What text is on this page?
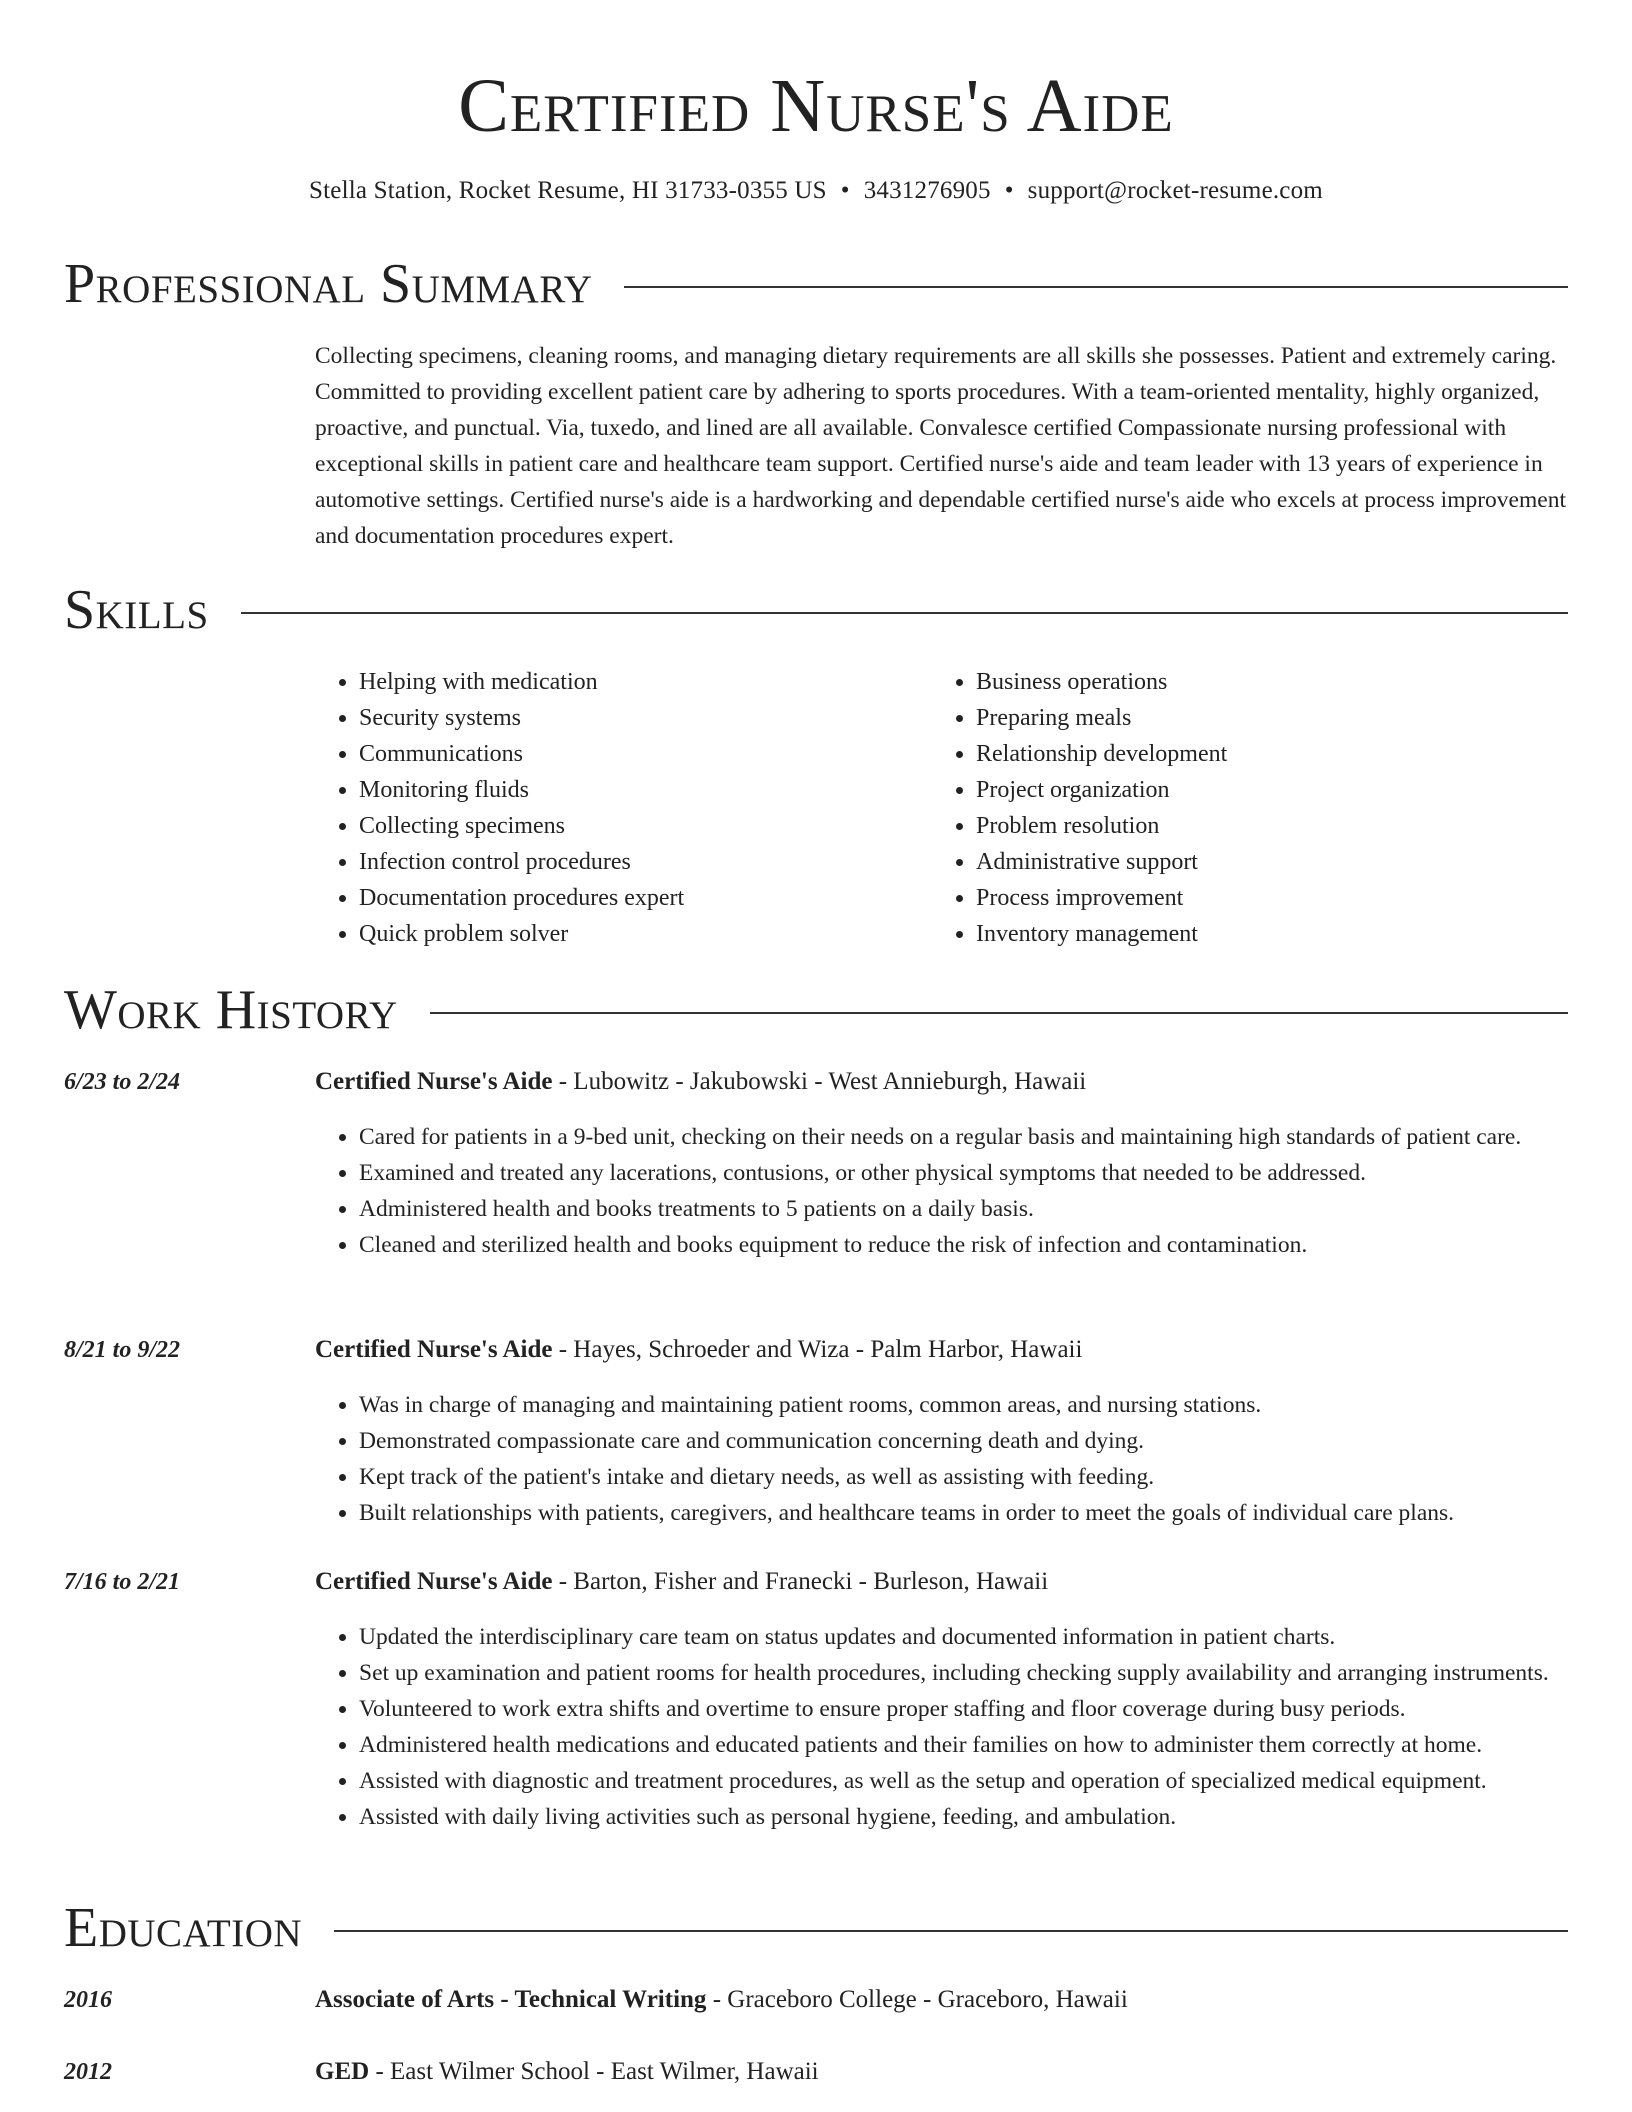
Certified Nurse's Aide
Stella Station, Rocket Resume, HI 31733-0355 US • 3431276905 • support@rocket-resume.com
Professional Summary

Collecting specimens, cleaning rooms, and managing dietary requirements are all skills she possesses. Patient and extremely caring. Committed to providing excellent patient care by adhering to sports procedures. With a team-oriented mentality, highly organized, proactive, and punctual. Via, tuxedo, and lined are all available. Convalesce certified Compassionate nursing professional with exceptional skills in patient care and healthcare team support. Certified nurse's aide and team leader with 13 years of experience in automotive settings. Certified nurse's aide is a hardworking and dependable certified nurse's aide who excels at process improvement and documentation procedures expert.

Skills
• Helping with medication
• Security systems
• Communications
• Monitoring fluids
• Collecting specimens
• Infection control procedures
• Documentation procedures expert
• Quick problem solver
• Business operations
• Preparing meals
• Relationship development
• Project organization
• Problem resolution
• Administrative support
• Process improvement
• Inventory management
Work History
6/23 to 2/24	Certified Nurse's Aide - Lubowitz - Jakubowski - West Annieburgh, Hawaii
• Cared for patients in a 9-bed unit, checking on their needs on a regular basis and maintaining high standards of patient care.
• Examined and treated any lacerations, contusions, or other physical symptoms that needed to be addressed.
• Administered health and books treatments to 5 patients on a daily basis.
• Cleaned and sterilized health and books equipment to reduce the risk of infection and contamination.
8/21 to 9/22	Certified Nurse's Aide - Hayes, Schroeder and Wiza - Palm Harbor, Hawaii
• Was in charge of managing and maintaining patient rooms, common areas, and nursing stations.
• Demonstrated compassionate care and communication concerning death and dying.
• Kept track of the patient's intake and dietary needs, as well as assisting with feeding.
• Built relationships with patients, caregivers, and healthcare teams in order to meet the goals of individual care plans.
7/16 to 2/21	Certified Nurse's Aide - Barton, Fisher and Franecki - Burleson, Hawaii
• Updated the interdisciplinary care team on status updates and documented information in patient charts.
• Set up examination and patient rooms for health procedures, including checking supply availability and arranging instruments.
• Volunteered to work extra shifts and overtime to ensure proper staffing and floor coverage during busy periods.
• Administered health medications and educated patients and their families on how to administer them correctly at home.
• Assisted with diagnostic and treatment procedures, as well as the setup and operation of specialized medical equipment.
• Assisted with daily living activities such as personal hygiene, feeding, and ambulation.
Education
2016	Associate of Arts - Technical Writing - Graceboro College - Graceboro, Hawaii
2012	GED - East Wilmer School - East Wilmer, Hawaii
